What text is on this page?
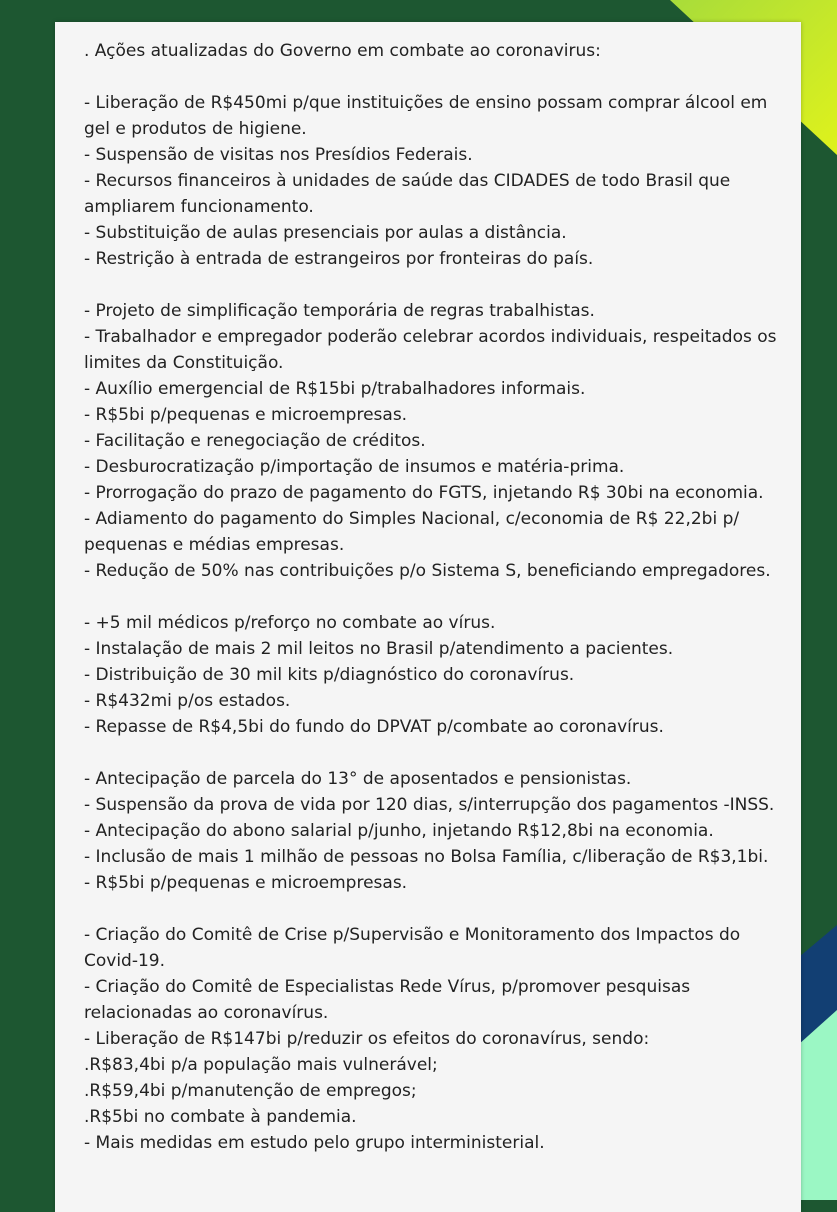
. Ações atualizadas do Governo em combate ao coronavirus:
- Liberação de R$450mi p/que instituições de ensino possam comprar álcool em
gel e produtos de higiene.
- Suspensão de visitas nos Presídios Federais.
- Recursos financeiros à unidades de saúde das CIDADES de todo Brasil que
ampliarem funcionamento.
- Substituição de aulas presenciais por aulas a distância.
- Restrição à entrada de estrangeiros por fronteiras do país.
- Projeto de simplificação temporária de regras trabalhistas.
- Trabalhador e empregador poderão celebrar acordos individuais, respeitados os
limites da Constituição.
- Auxílio emergencial de R$15bi p/trabalhadores informais.
- R$5bi p/pequenas e microempresas.
- Facilitação e renegociação de créditos.
- Desburocratização p/importação de insumos e matéria-prima.
- Prorrogação do prazo de pagamento do FGTS, injetando R$ 30bi na economia.
- Adiamento do pagamento do Simples Nacional, c/economia de R$ 22,2bi p/
pequenas e médias empresas.
- Redução de 50% nas contribuições p/o Sistema S, beneficiando empregadores.
- +5 mil médicos p/reforço no combate ao vírus.
- Instalação de mais 2 mil leitos no Brasil p/atendimento a pacientes.
- Distribuição de 30 mil kits p/diagnóstico do coronavírus.
- R$432mi p/os estados.
- Repasse de R$4,5bi do fundo do DPVAT p/combate ao coronavírus.
- Antecipação de parcela do 13° de aposentados e pensionistas.
- Suspensão da prova de vida por 120 dias, s/interrupção dos pagamentos -INSS.
- Antecipação do abono salarial p/junho, injetando R$12,8bi na economia.
- Inclusão de mais 1 milhão de pessoas no Bolsa Família, c/liberação de R$3,1bi.
- R$5bi p/pequenas e microempresas.
- Criação do Comitê de Crise p/Supervisão e Monitoramento dos Impactos do
Covid-19.
- Criação do Comitê de Especialistas Rede Vírus, p/promover pesquisas
relacionadas ao coronavírus.
- Liberação de R$147bi p/reduzir os efeitos do coronavírus, sendo:
.R$83,4bi p/a população mais vulnerável;
.R$59,4bi p/manutenção de empregos;
.R$5bi no combate à pandemia.
- Mais medidas em estudo pelo grupo interministerial.
